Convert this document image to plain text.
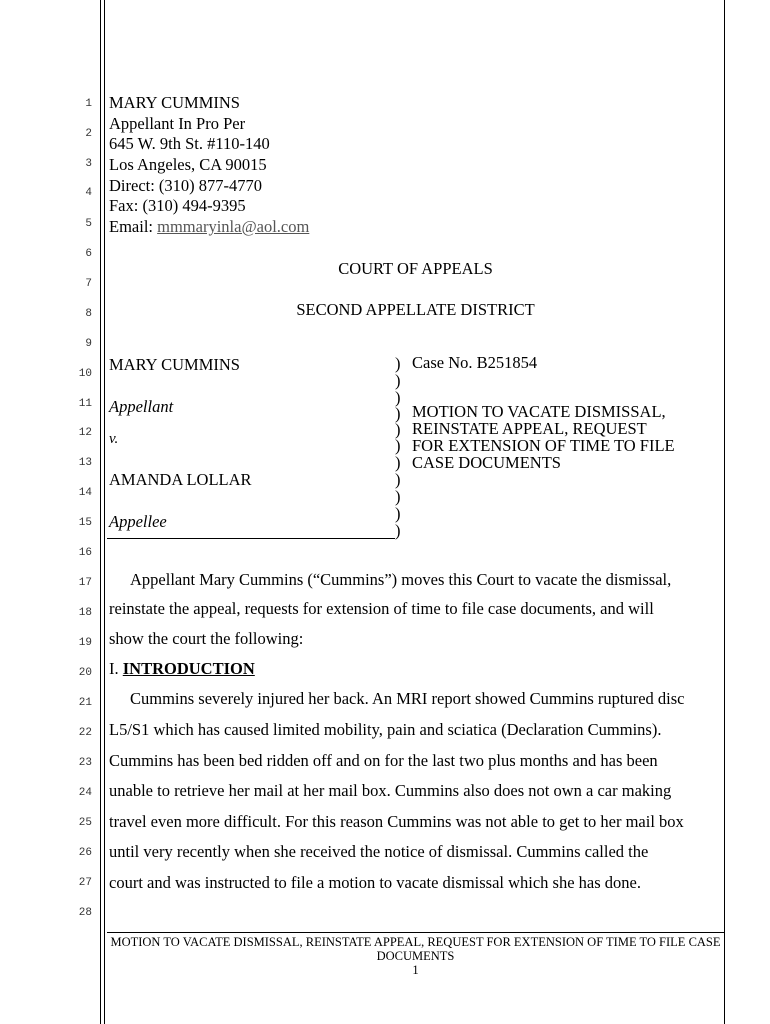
1
2
3
4
5
6
7
8
9
10
11
12
13
14
15
16
17
18
19
20
21
22
23
24
25
26
27
28
MARY CUMMINS
Appellant In Pro Per
645 W. 9th St. #110-140
Los Angeles, CA 90015
Direct: (310) 877-4770
Fax: (310) 494-9395
Email: mmmaryinla@aol.com
COURT OF APPEALS
SECOND APPELLATE DISTRICT
MARY CUMMINS
Appellant
v.
AMANDA LOLLAR
Appellee
)
)
)
)
)
)
)
)
)
)
)
Case No. B251854
MOTION TO VACATE DISMISSAL,
REINSTATE APPEAL, REQUEST
FOR EXTENSION OF TIME TO FILE
CASE DOCUMENTS
Appellant Mary Cummins (“Cummins”) moves this Court to vacate the dismissal,
reinstate the appeal, requests for extension of time to file case documents, and will
show the court the following:
I. INTRODUCTION
Cummins severely injured her back. An MRI report showed Cummins ruptured disc
L5/S1 which has caused limited mobility, pain and sciatica (Declaration Cummins).
Cummins has been bed ridden off and on for the last two plus months and has been
unable to retrieve her mail at her mail box. Cummins also does not own a car making
travel even more difficult. For this reason Cummins was not able to get to her mail box
until very recently when she received the notice of dismissal. Cummins called the
court and was instructed to file a motion to vacate dismissal which she has done.
MOTION TO VACATE DISMISSAL, REINSTATE APPEAL, REQUEST FOR EXTENSION OF TIME TO FILE CASE
DOCUMENTS
1
